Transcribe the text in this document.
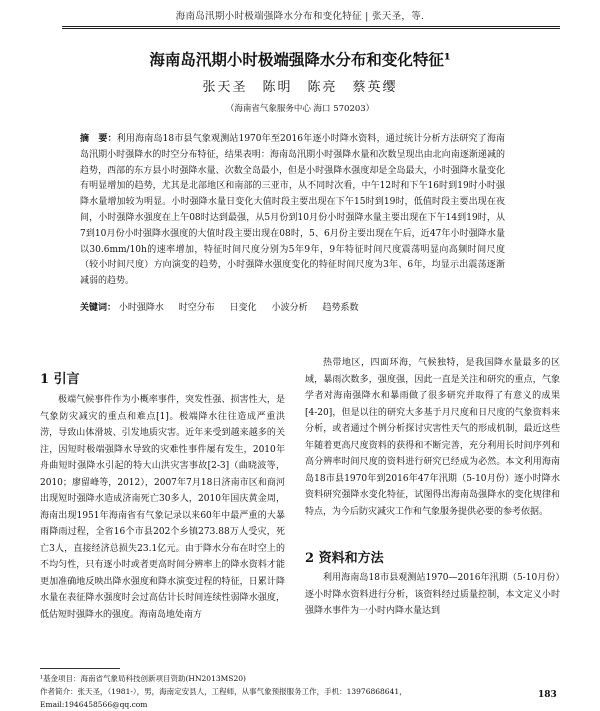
海南岛汛期小时极端强降水分布和变化特征 | 张天圣，等.
海南岛汛期小时极端强降水分布和变化特征¹
张天圣　陈明　陈亮　蔡英缨
（海南省气象服务中心 海口 570203）
摘　要：利用海南岛18市县气象观测站1970年至2016年逐小时降水资料，通过统计分析方法研究了海南岛汛期小时强降水的时空分布特征，结果表明：海南岛汛期小时强降水量和次数呈现出由北向南逐渐递减的趋势，西部的东方县小时强降水量、次数全岛最小，但是小时强降水强度却是全岛最大，小时强降水量变化有明显增加的趋势，尤其是北部地区和南部的三亚市，从不同时次看，中午12时和下午16时到19时小时强降水量增加较为明显。小时强降水量日变化大值时段主要出现在下午15时到19时，低值时段主要出现在夜间，小时强降水强度在上午08时达到最强，从5月份到10月份小时强降水量主要出现在下午14到19时，从7到10月份小时强降水强度的大值时段主要出现在08时，5、6月份主要出现在午后，近47年小时强降水量以30.6mm/10h的速率增加，特征时间尺度分别为5年9年，9年特征时间尺度震荡明显向高频时间尺度（较小时间尺度）方向演变的趋势，小时强降水强度变化的特征时间尺度为3年、6年，均显示出震荡逐渐减弱的趋势。
关键词： 小时强降水 时空分布 日变化 小波分析 趋势系数
1 引言

极端气候事件作为小概率事件，突发性强、损害性大，是气象防灾减灾的重点和难点[1]。极端降水往往造成严重洪涝，导致山体滑坡、引发地质灾害。近年来受到越来越多的关注，因短时极端强降水导致的灾难性事件屡有发生，2010年舟曲短时强降水引起的特大山洪灾害事故[2-3]（曲晓波等，2010；廖留峰等，2012），2007年7月18日济南市区和商河出现短时强降水造成济南死亡30多人，2010年国庆黄金周，海南出现1951年海南省有气象记录以来60年中最严重的大暴雨降雨过程，全省16个市县202个乡镇273.88万人受灾，死亡3人，直接经济总损失23.1亿元。由于降水分布在时空上的不均匀性，只有逐小时或者更高时间分辨率上的降水资料才能更加准确地反映出降水强度和降水演变过程的特征，日累计降水量在表征降水强度时会过高估计长时间连续性弱降水强度，低估短时强降水的强度。海南岛地处南方

热带地区，四面环海，气候独特，是我国降水量最多的区域，暴雨次数多，强度强，因此一直是关注和研究的重点，气象学者对海南强降水和暴雨做了很多研究并取得了有意义的成果[4-20]，但是以往的研究大多基于月尺度和日尺度的气象资料来分析，或者通过个例分析探讨灾害性天气的形成机制，最近这些年随着更高尺度资料的获得和不断完善，充分利用长时间序列和高分辨率时间尺度的资料进行研究已经成为必然。本文利用海南岛18市县1970年到2016年47年汛期（5-10月份）逐小时降水资料研究强降水变化特征，试图得出海南岛强降水的变化规律和特点，为今后防灾减灾工作和气象服务提供必要的参考依据。

2 资料和方法

利用海南岛18市县观测站1970—2016年汛期（5-10月份）逐小时降水资料进行分析，该资料经过质量控制，本文定义小时强降水事件为一小时内降水量达到

¹基金项目：海南省气象局科技创新项目资助(HN2013MS20)
作者简介：张天圣，（1981-），男，海南定安县人，工程师，从事气象预报服务工作，手机：13976868641，
Email:1946458566@qq.com
183
